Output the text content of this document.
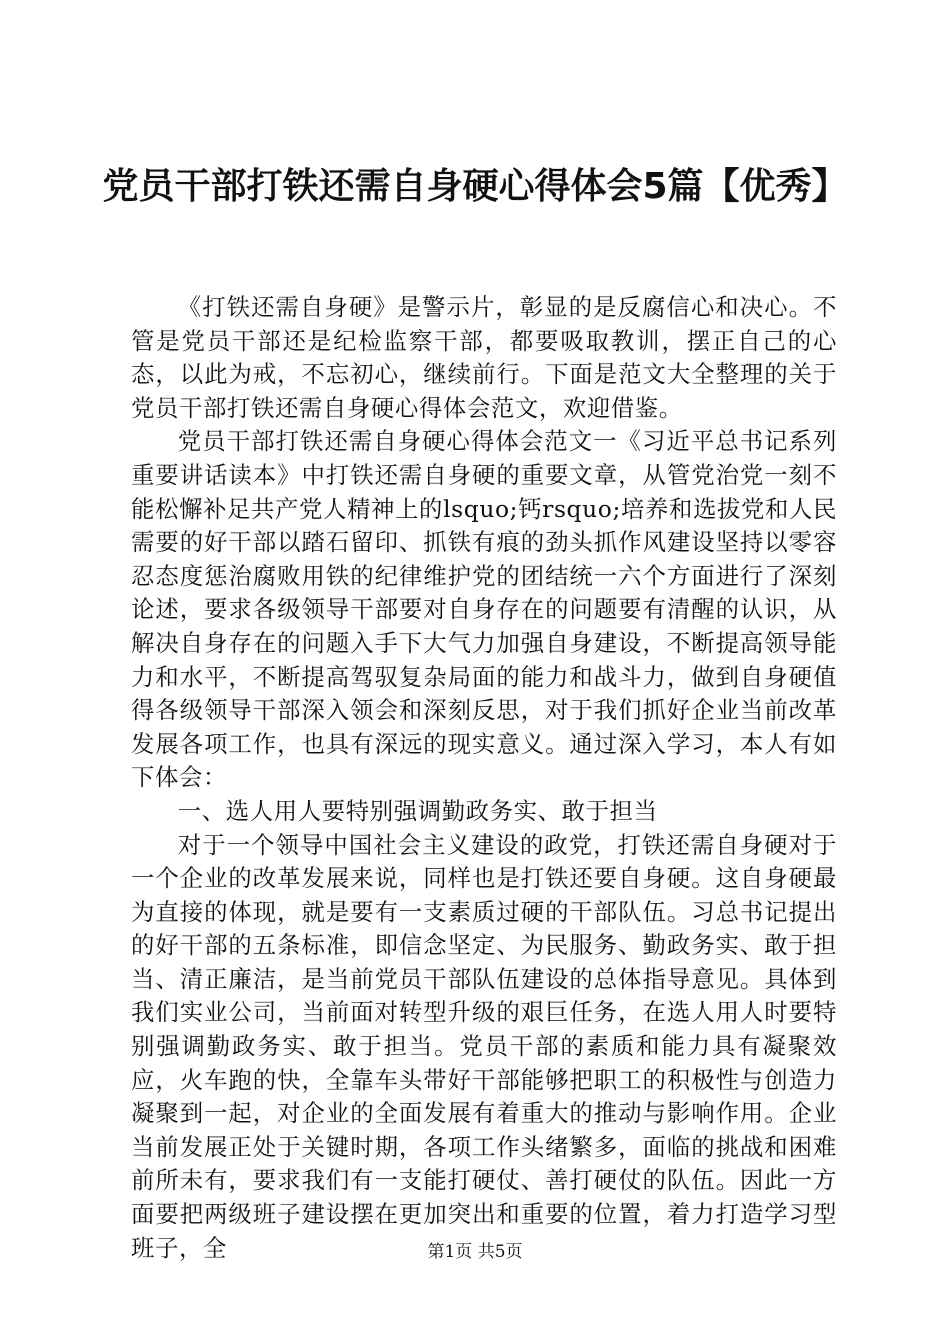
党员干部打铁还需自身硬心得体会5篇【优秀】

《打铁还需自身硬》是警示片，彰显的是反腐信心和决心。不管是党员干部还是纪检监察干部，都要吸取教训，摆正自己的心态，以此为戒，不忘初心，继续前行。下面是范文大全整理的关于党员干部打铁还需自身硬心得体会范文，欢迎借鉴。

党员干部打铁还需自身硬心得体会范文一《习近平总书记系列重要讲话读本》中打铁还需自身硬的重要文章，从管党治党一刻不能松懈补足共产党人精神上的lsquo;钙rsquo;培养和选拔党和人民需要的好干部以踏石留印、抓铁有痕的劲头抓作风建设坚持以零容忍态度惩治腐败用铁的纪律维护党的团结统一六个方面进行了深刻论述，要求各级领导干部要对自身存在的问题要有清醒的认识，从解决自身存在的问题入手下大气力加强自身建设，不断提高领导能力和水平，不断提高驾驭复杂局面的能力和战斗力，做到自身硬值得各级领导干部深入领会和深刻反思，对于我们抓好企业当前改革发展各项工作，也具有深远的现实意义。通过深入学习，本人有如下体会：

一、选人用人要特别强调勤政务实、敢于担当

对于一个领导中国社会主义建设的政党，打铁还需自身硬对于一个企业的改革发展来说，同样也是打铁还要自身硬。这自身硬最为直接的体现，就是要有一支素质过硬的干部队伍。习总书记提出的好干部的五条标准，即信念坚定、为民服务、勤政务实、敢于担当、清正廉洁，是当前党员干部队伍建设的总体指导意见。具体到我们实业公司，当前面对转型升级的艰巨任务，在选人用人时要特别强调勤政务实、敢于担当。党员干部的素质和能力具有凝聚效应，火车跑的快，全靠车头带好干部能够把职工的积极性与创造力凝聚到一起，对企业的全面发展有着重大的推动与影响作用。企业当前发展正处于关键时期，各项工作头绪繁多，面临的挑战和困难前所未有，要求我们有一支能打硬仗、善打硬仗的队伍。因此一方面要把两级班子建设摆在更加突出和重要的位置，着力打造学习型班子，全	第1页 共5页
